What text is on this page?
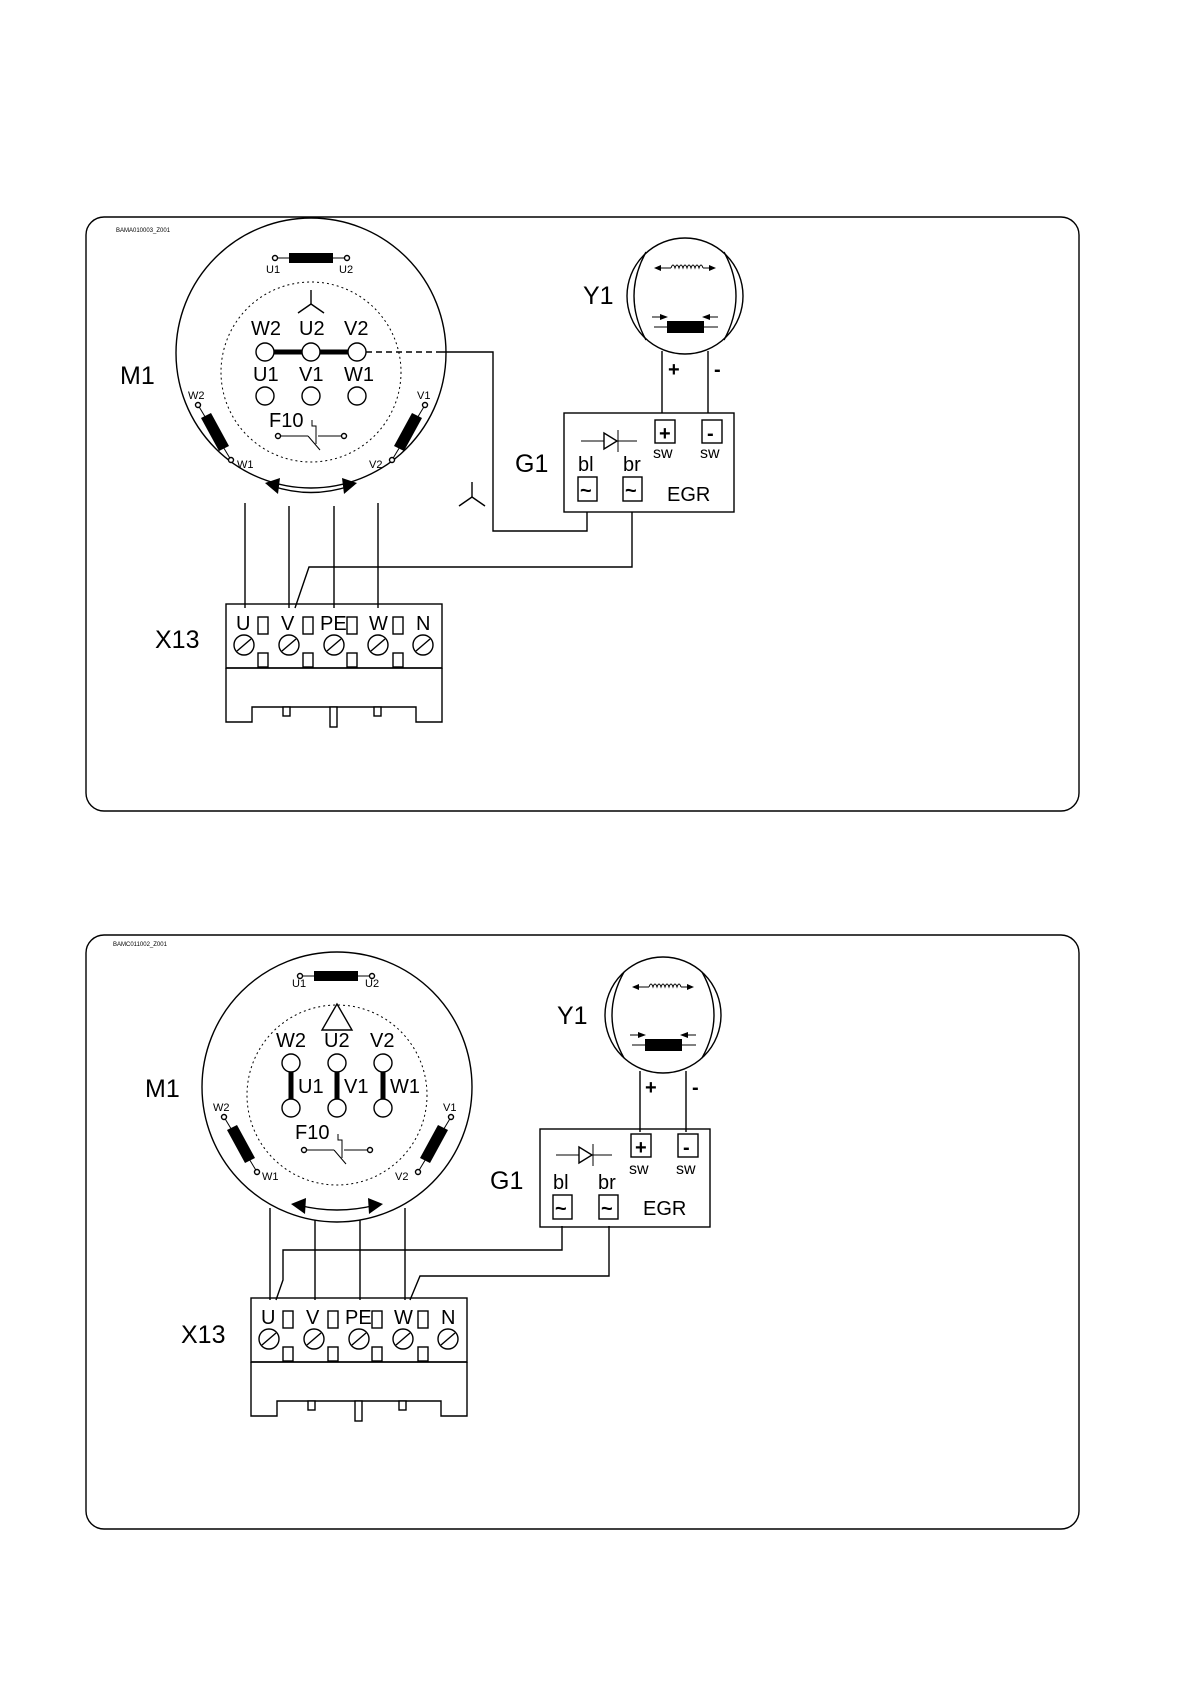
BAMA010003_Z001
M1
U1	U2
W2 U2 V2
U1 V1 W1
F10
W2
W1
V1
V2
Y1
+ -
G1
+ -
sw sw
bl br
~ ~ EGR
X13
U V PE W N
BAMC011002_Z001
M1
U1	U2
W2 U2 V2
U1 V1 W1
F10
W2
W1
V1
V2
Y1
+ -
G1
+ -
sw sw
bl br
~ ~ EGR
X13
U V PE W N
